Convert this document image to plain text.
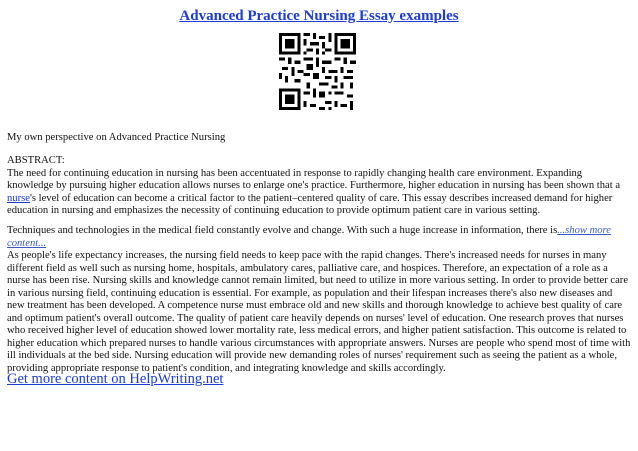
Advanced Practice Nursing Essay examples

My own perspective on Advanced Practice Nursing

ABSTRACT:
The need for continuing education in nursing has been accentuated in response to rapidly changing health care environment. Expanding knowledge by pursuing higher education allows nurses to enlarge one's practice. Furthermore, higher education in nursing has been shown that a nurse's level of education can become a critical factor to the patient–centered quality of care. This essay describes increased demand for higher education in nursing and emphasizes the necessity of continuing education to provide optimum patient care in various setting.

Techniques and technologies in the medical field constantly evolve and change. With such a huge increase in information, there is...show more content...
As people's life expectancy increases, the nursing field needs to keep pace with the rapid changes. There's increased needs for nurses in many different field as well such as nursing home, hospitals, ambulatory cares, palliative care, and hospices. Therefore, an expectation of a role as a nurse has been rise. Nursing skills and knowledge cannot remain limited, but need to utilize in more various setting. In order to provide better care in various nursing field, continuing education is essential. For example, as population and their lifespan increases there's also new diseases and new treatment has been developed. A competence nurse must embrace old and new skills and thorough knowledge to achieve best quality of care and optimum patient's overall outcome. The quality of patient care heavily depends on nurses' level of education. One research proves that nurses who received higher level of education showed lower mortality rate, less medical errors, and higher patient satisfaction. This outcome is related to higher education which prepared nurses to handle various circumstances with appropriate answers. Nurses are people who spend most of time with ill individuals at the bed side. Nursing education will provide new demanding roles of nurses' requirement such as seeing the patient as a whole, providing appropriate response to patient's condition, and integrating knowledge and skills accordingly.

Get more content on HelpWriting.net
